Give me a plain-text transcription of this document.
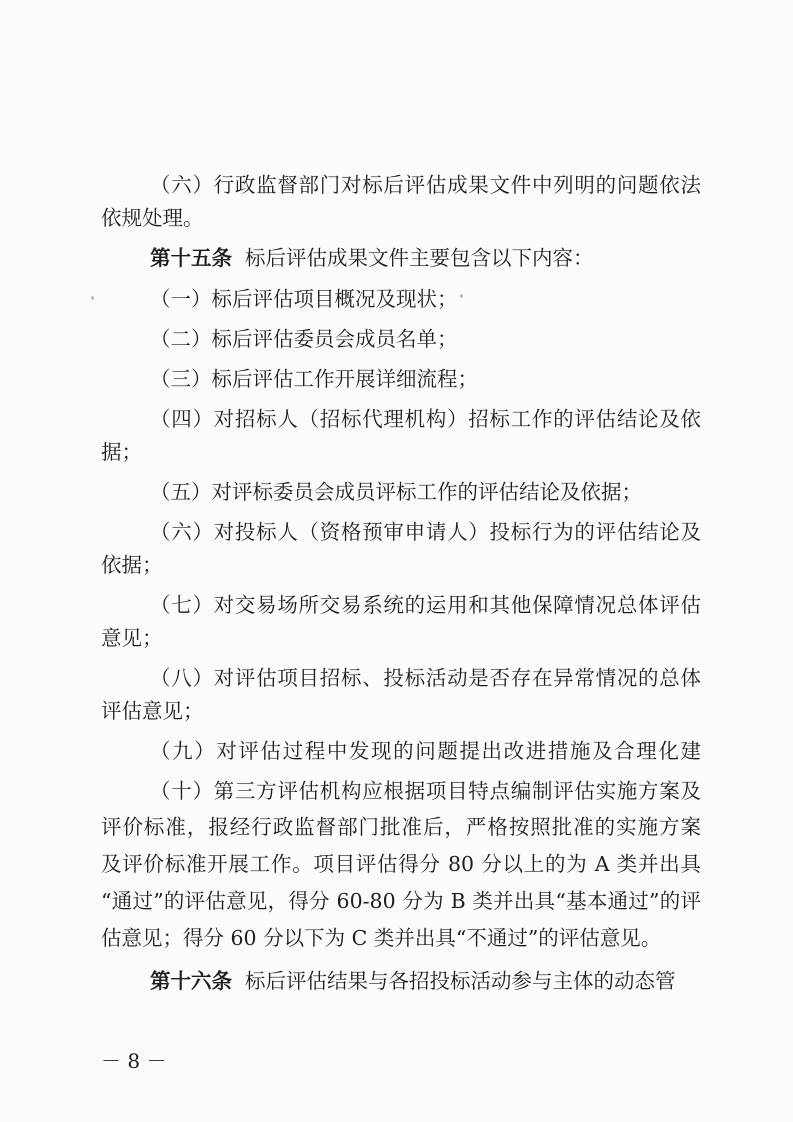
（六）行政监督部门对标后评估成果文件中列明的问题依法
依规处理。
第十五条 标后评估成果文件主要包含以下内容：
（一）标后评估项目概况及现状；
（二）标后评估委员会成员名单；
（三）标后评估工作开展详细流程；
（四）对招标人（招标代理机构）招标工作的评估结论及依
据；
（五）对评标委员会成员评标工作的评估结论及依据；
（六）对投标人（资格预审申请人）投标行为的评估结论及
依据；
（七）对交易场所交易系统的运用和其他保障情况总体评估
意见；
（八）对评估项目招标、投标活动是否存在异常情况的总体
评估意见；
（九）对评估过程中发现的问题提出改进措施及合理化建
（十）第三方评估机构应根据项目特点编制评估实施方案及
评价标准，报经行政监督部门批准后，严格按照批准的实施方案
及评价标准开展工作。项目评估得分 80 分以上的为 A 类并出具
“通过”的评估意见，得分 60-80 分为 B 类并出具“基本通过”的评
估意见；得分 60 分以下为 C 类并出具“不通过”的评估意见。
第十六条 标后评估结果与各招投标活动参与主体的动态管
－ 8 －
